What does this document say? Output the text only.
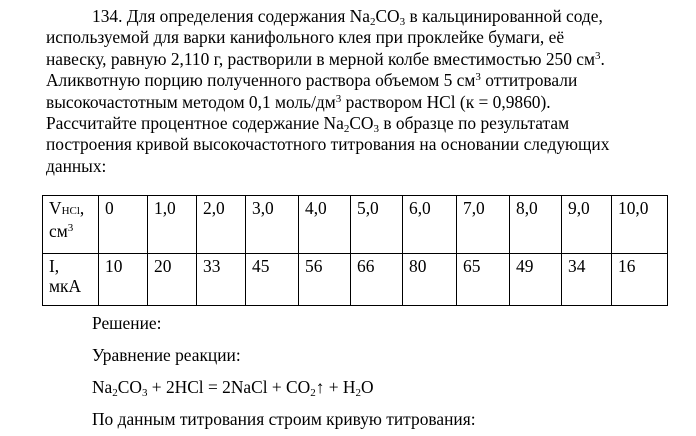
134. Для определения содержания $Na_2CO_3$ в кальцинированной соде,
используемой для варки канифольного клея при проклейке бумаги, её
навеску, равную 2,110 г, растворили в мерной колбе вместимостью 250 $см^3$.
Аликвотную порцию полученного раствора объемом 5 $см^3$ оттитровали
высокочастотным методом 0,1 моль/$дм^3$ раствором HCl (к = 0,9860).
Рассчитайте процентное содержание $Na_2CO_3$ в образце по результатам
построения кривой высокочастотного титрования на основании следующих
данных:
VHCl,
$см^3$	0	1,0	2,0	3,0	4,0	5,0	6,0	7,0	8,0	9,0	10,0
I,
мкА	10	20	33	45	56	66	80	65	49	34	16
Решение:
Уравнение реакции:
$Na_2CO_3 + 2HCl$ = 2NaCl + $CO_2↑ + H_2O$
По данным титрования строим кривую титрования:
